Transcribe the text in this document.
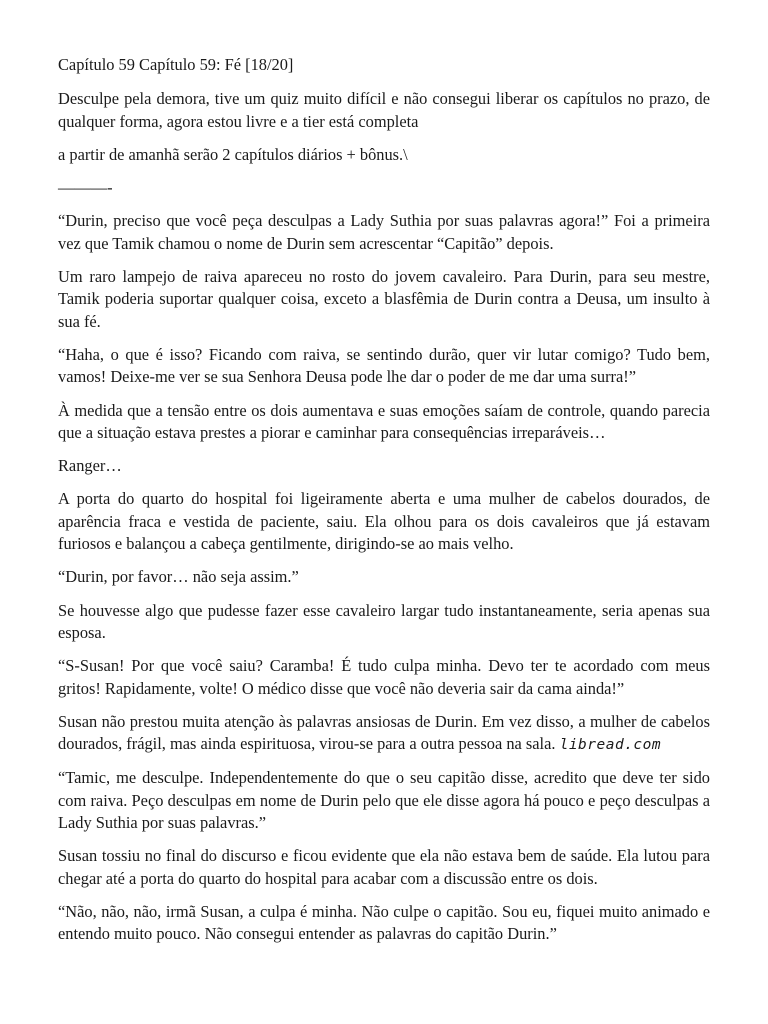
Capítulo 59 Capítulo 59: Fé [18/20]

Desculpe pela demora, tive um quiz muito difícil e não consegui liberar os capítulos no prazo, de qualquer forma, agora estou livre e a tier está completa

a partir de amanhã serão 2 capítulos diários + bônus.\

———-

“Durin, preciso que você peça desculpas a Lady Suthia por suas palavras agora!” Foi a primeira vez que Tamik chamou o nome de Durin sem acrescentar “Capitão” depois.

Um raro lampejo de raiva apareceu no rosto do jovem cavaleiro. Para Durin, para seu mestre, Tamik poderia suportar qualquer coisa, exceto a blasfêmia de Durin contra a Deusa, um insulto à sua fé.

“Haha, o que é isso? Ficando com raiva, se sentindo durão, quer vir lutar comigo? Tudo bem, vamos! Deixe-me ver se sua Senhora Deusa pode lhe dar o poder de me dar uma surra!”

À medida que a tensão entre os dois aumentava e suas emoções saíam de controle, quando parecia que a situação estava prestes a piorar e caminhar para consequências irreparáveis…

Ranger…

A porta do quarto do hospital foi ligeiramente aberta e uma mulher de cabelos dourados, de aparência fraca e vestida de paciente, saiu. Ela olhou para os dois cavaleiros que já estavam furiosos e balançou a cabeça gentilmente, dirigindo-se ao mais velho.

“Durin, por favor… não seja assim.”

Se houvesse algo que pudesse fazer esse cavaleiro largar tudo instantaneamente, seria apenas sua esposa.

“S-Susan! Por que você saiu? Caramba! É tudo culpa minha. Devo ter te acordado com meus gritos! Rapidamente, volte! O médico disse que você não deveria sair da cama ainda!”

Susan não prestou muita atenção às palavras ansiosas de Durin. Em vez disso, a mulher de cabelos dourados, frágil, mas ainda espirituosa, virou-se para a outra pessoa na sala. libread.com

“Tamic, me desculpe. Independentemente do que o seu capitão disse, acredito que deve ter sido com raiva. Peço desculpas em nome de Durin pelo que ele disse agora há pouco e peço desculpas a Lady Suthia por suas palavras.”

Susan tossiu no final do discurso e ficou evidente que ela não estava bem de saúde. Ela lutou para chegar até a porta do quarto do hospital para acabar com a discussão entre os dois.

“Não, não, não, irmã Susan, a culpa é minha. Não culpe o capitão. Sou eu, fiquei muito animado e entendo muito pouco. Não consegui entender as palavras do capitão Durin.”
